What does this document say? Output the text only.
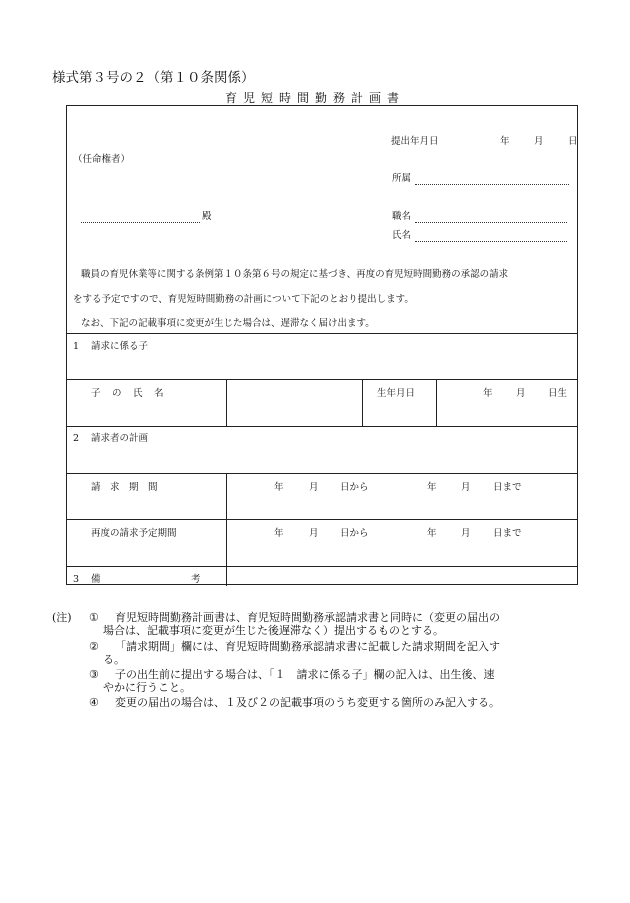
様式第３号の２（第１０条関係）
育児短時間勤務計画書
提出年月日	年	月	日
（任命権者）
所属
殿	職名
氏名
職員の育児休業等に関する条例第１０条第６号の規定に基づき、再度の育児短時間勤務の承認の請求
をする予定ですので、育児短時間勤務の計画について下記のとおり提出します。
なお、下記の記載事項に変更が生じた場合は、遅滞なく届け出ます。
1 請求に係る子
子　の　氏　名	生年月日	年 月 日生
2 請求者の計画
請　求　期　間	年	月 日から	年	月 日まで
再度の請求予定期間	年	月 日から	年	月 日まで
3 備	考
(注) ① 育児短時間勤務計画書は、育児短時間勤務承認請求書と同時に（変更の届出の
場合は、記載事項に変更が生じた後遅滞なく）提出するものとする。
② 「請求期間」欄には、育児短時間勤務承認請求書に記載した請求期間を記入す
る。
③ 子の出生前に提出する場合は、「１　請求に係る子」欄の記入は、出生後、速
やかに行うこと。
④ 変更の届出の場合は、１及び２の記載事項のうち変更する箇所のみ記入する。
